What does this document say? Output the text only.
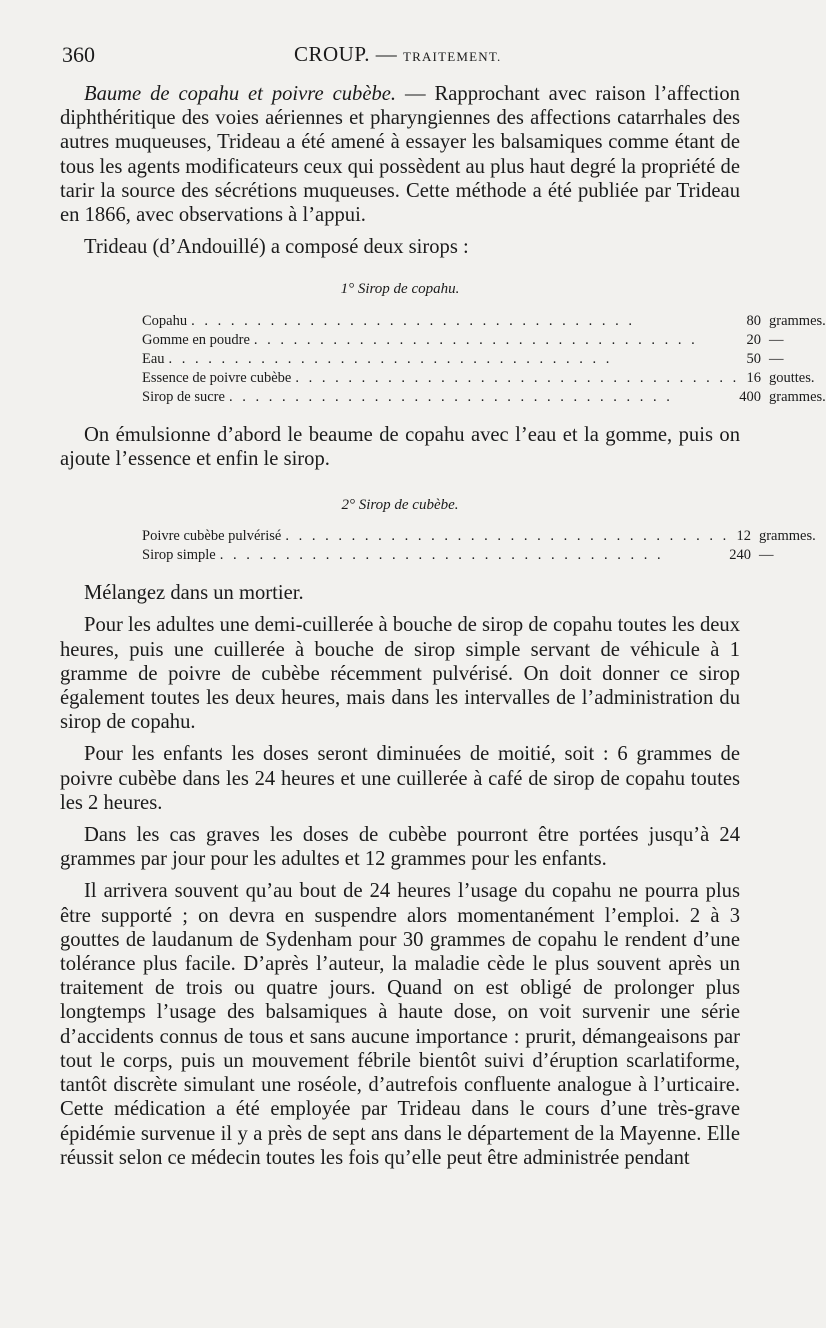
360	CROUP. — TRAITEMENT.

Baume de copahu et poivre cubèbe. — Rapprochant avec raison l’affection diphthéritique des voies aériennes et pharyngiennes des affections catarrhales des autres muqueuses, Trideau a été amené à essayer les balsamiques comme étant de tous les agents modificateurs ceux qui possèdent au plus haut degré la propriété de tarir la source des sécrétions muqueuses. Cette méthode a été publiée par Trideau en 1866, avec observations à l’appui.

Trideau (d’Andouillé) a composé deux sirops :

1° Sirop de copahu.
Copahu . . . . . . . . . . . . . . . . . . . . . . . . . . . . . . . . . .	80	grammes.
Gomme en poudre . . . . . . . . . . . . . . . . . . . . . . . . . . . . . . . . . .	20	—
Eau . . . . . . . . . . . . . . . . . . . . . . . . . . . . . . . . . .	50	—
Essence de poivre cubèbe . . . . . . . . . . . . . . . . . . . . . . . . . . . . . . . . . .	16	gouttes.
Sirop de sucre . . . . . . . . . . . . . . . . . . . . . . . . . . . . . . . . . .	400	grammes.

On émulsionne d’abord le beaume de copahu avec l’eau et la gomme, puis on ajoute l’essence et enfin le sirop.

2° Sirop de cubèbe.
Poivre cubèbe pulvérisé . . . . . . . . . . . . . . . . . . . . . . . . . . . . . . . . . .	12	grammes.
Sirop simple . . . . . . . . . . . . . . . . . . . . . . . . . . . . . . . . . .	240	—

Mélangez dans un mortier.

Pour les adultes une demi-cuillerée à bouche de sirop de copahu toutes les deux heures, puis une cuillerée à bouche de sirop simple servant de véhicule à 1 gramme de poivre de cubèbe récemment pulvérisé. On doit donner ce sirop également toutes les deux heures, mais dans les intervalles de l’administration du sirop de copahu.

Pour les enfants les doses seront diminuées de moitié, soit : 6 grammes de poivre cubèbe dans les 24 heures et une cuillerée à café de sirop de copahu toutes les 2 heures.

Dans les cas graves les doses de cubèbe pourront être portées jusqu’à 24 grammes par jour pour les adultes et 12 grammes pour les enfants.

Il arrivera souvent qu’au bout de 24 heures l’usage du copahu ne pourra plus être supporté ; on devra en suspendre alors momentanément l’emploi. 2 à 3 gouttes de laudanum de Sydenham pour 30 grammes de copahu le rendent d’une tolérance plus facile. D’après l’auteur, la maladie cède le plus souvent après un traitement de trois ou quatre jours. Quand on est obligé de prolonger plus longtemps l’usage des balsamiques à haute dose, on voit survenir une série d’accidents connus de tous et sans aucune importance : prurit, démangeaisons par tout le corps, puis un mouvement fébrile bientôt suivi d’éruption scarlatiforme, tantôt discrète simulant une roséole, d’autrefois confluente analogue à l’urticaire. Cette médication a été employée par Trideau dans le cours d’une très-grave épidémie survenue il y a près de sept ans dans le département de la Mayenne. Elle réussit selon ce médecin toutes les fois qu’elle peut être administrée pendant
